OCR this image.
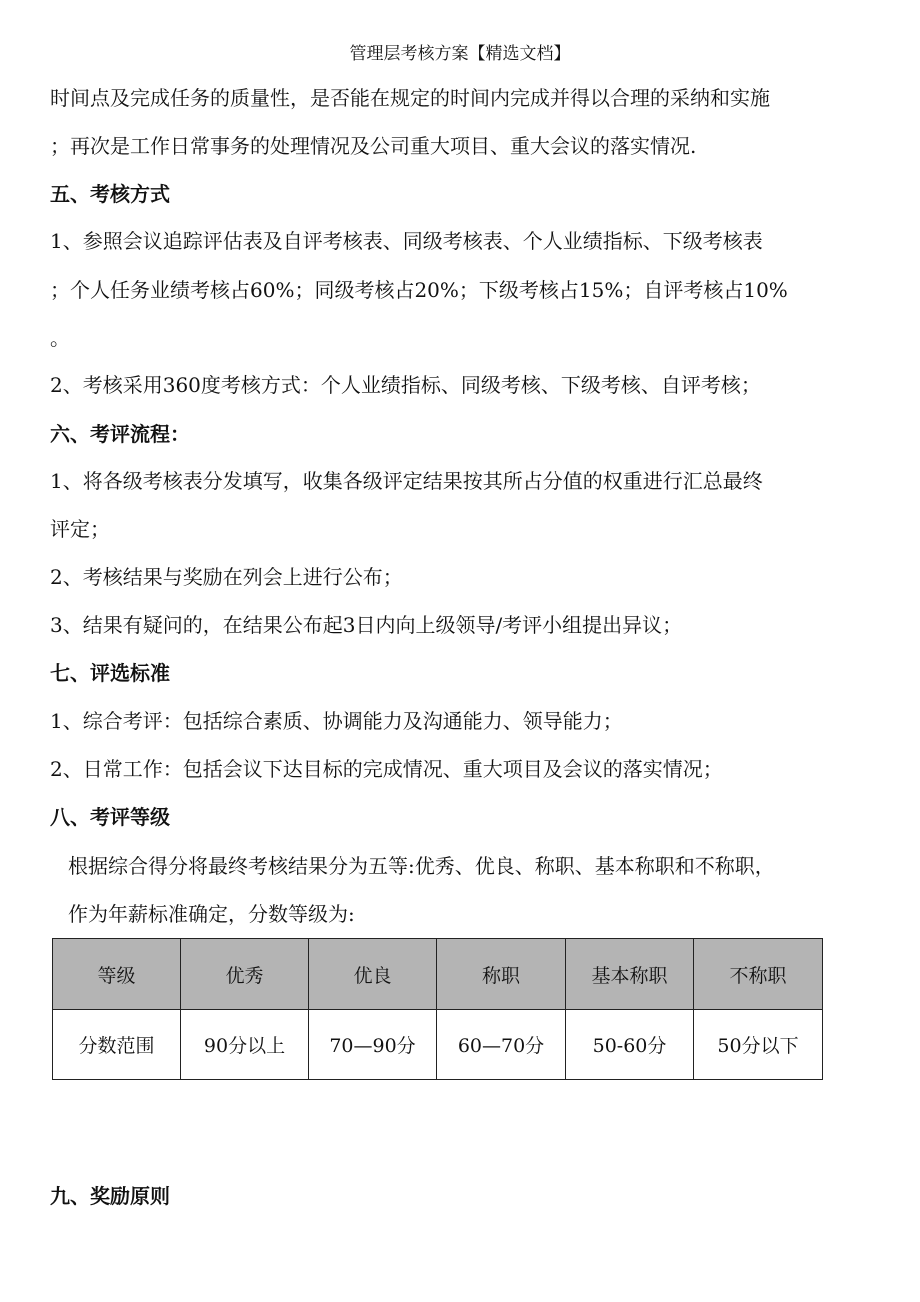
管理层考核方案【精选文档】
时间点及完成任务的质量性，是否能在规定的时间内完成并得以合理的采纳和实施
；再次是工作日常事务的处理情况及公司重大项目、重大会议的落实情况.
五、考核方式
1、参照会议追踪评估表及自评考核表、同级考核表、个人业绩指标、下级考核表
；个人任务业绩考核占60%；同级考核占20%；下级考核占15%；自评考核占10%
。
2、考核采用360度考核方式：个人业绩指标、同级考核、下级考核、自评考核；
六、考评流程：
1、将各级考核表分发填写，收集各级评定结果按其所占分值的权重进行汇总最终
评定；
2、考核结果与奖励在列会上进行公布；
3、结果有疑问的，在结果公布起3日内向上级领导/考评小组提出异议；
七、评选标准
1、综合考评：包括综合素质、协调能力及沟通能力、领导能力；
2、日常工作：包括会议下达目标的完成情况、重大项目及会议的落实情况；
八、考评等级
根据综合得分将最终考核结果分为五等:优秀、优良、称职、基本称职和不称职，
作为年薪标准确定，分数等级为:
等级	优秀	优良	称职	基本称职	不称职
分数范围	90分以上	70—90分	60—70分	50-60分	50分以下
九、奖励原则
